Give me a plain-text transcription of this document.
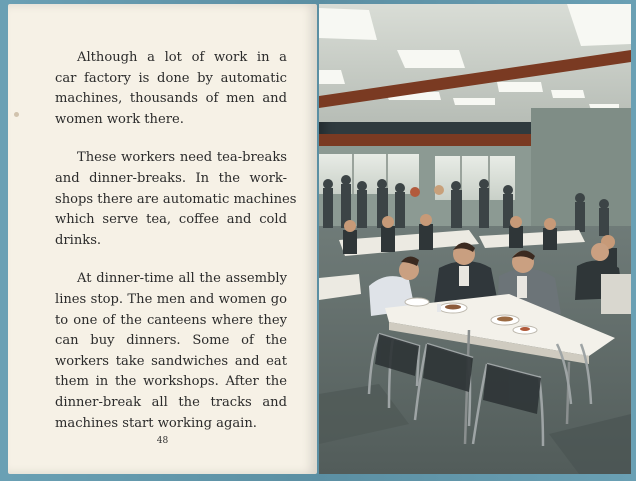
Although a lot of work in a
car factory is done by automatic
machines, thousands of men and
women work there.

These workers need tea-breaks
and dinner-breaks. In the work-
shops there are automatic machines
which serve tea, coffee and cold
drinks.

At dinner-time all the assembly
lines stop. The men and women go
to one of the canteens where they
can buy dinners. Some of the
workers take sandwiches and eat
them in the workshops. After the
dinner-break all the tracks and
machines start working again.

48
